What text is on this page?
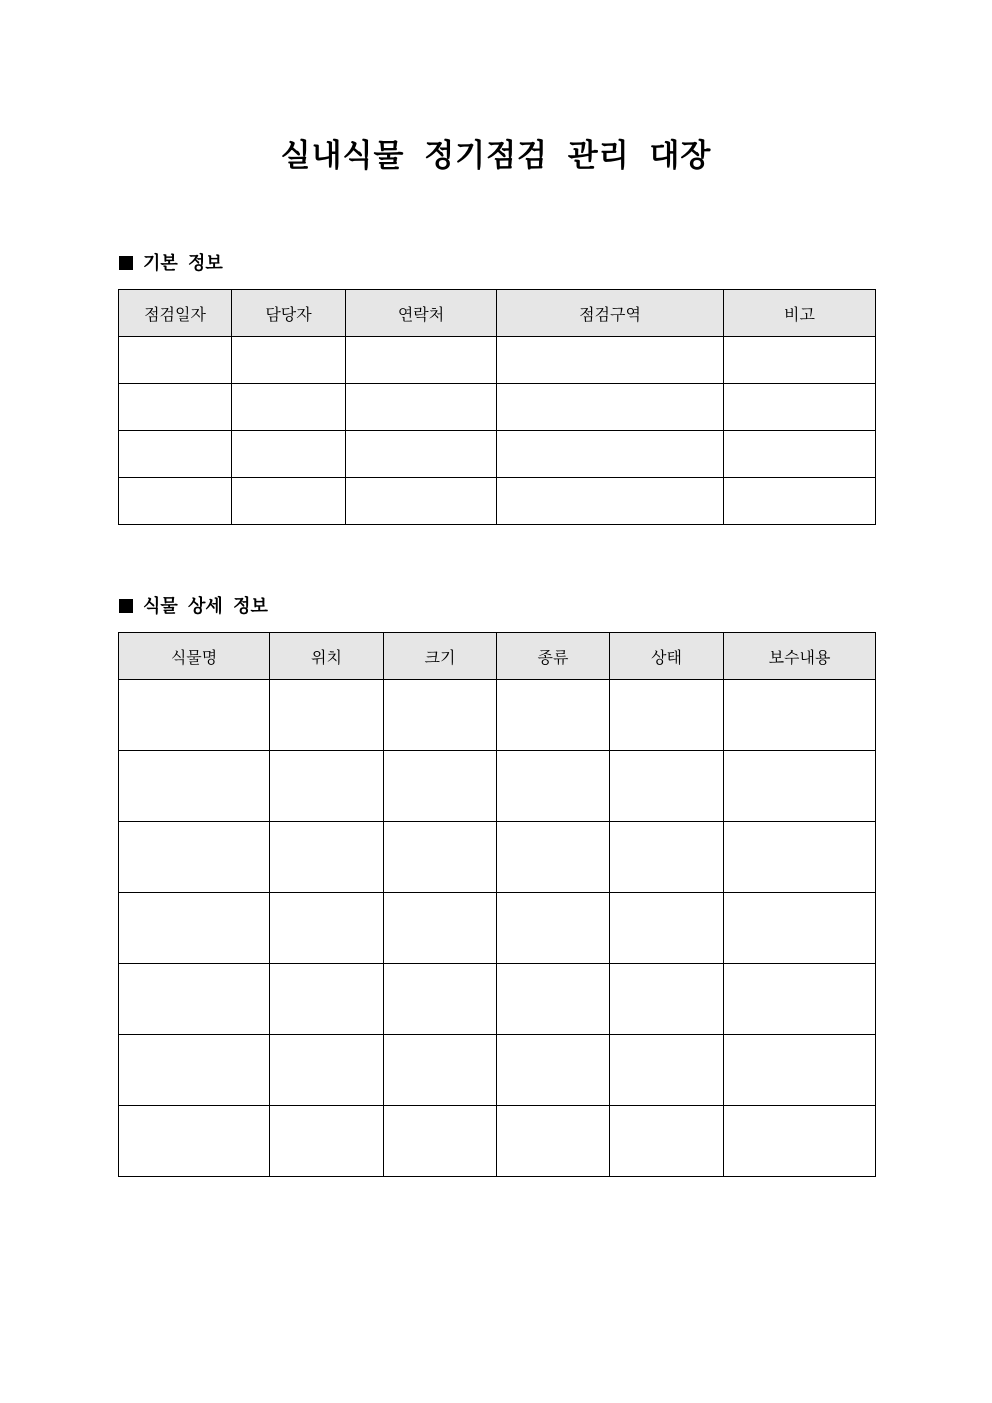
실내식물 정기점검 관리 대장
기본 정보
점검일자	담당자	연락처	점검구역	비고

식물 상세 정보
식물명	위치	크기	종류	상태	보수내용
